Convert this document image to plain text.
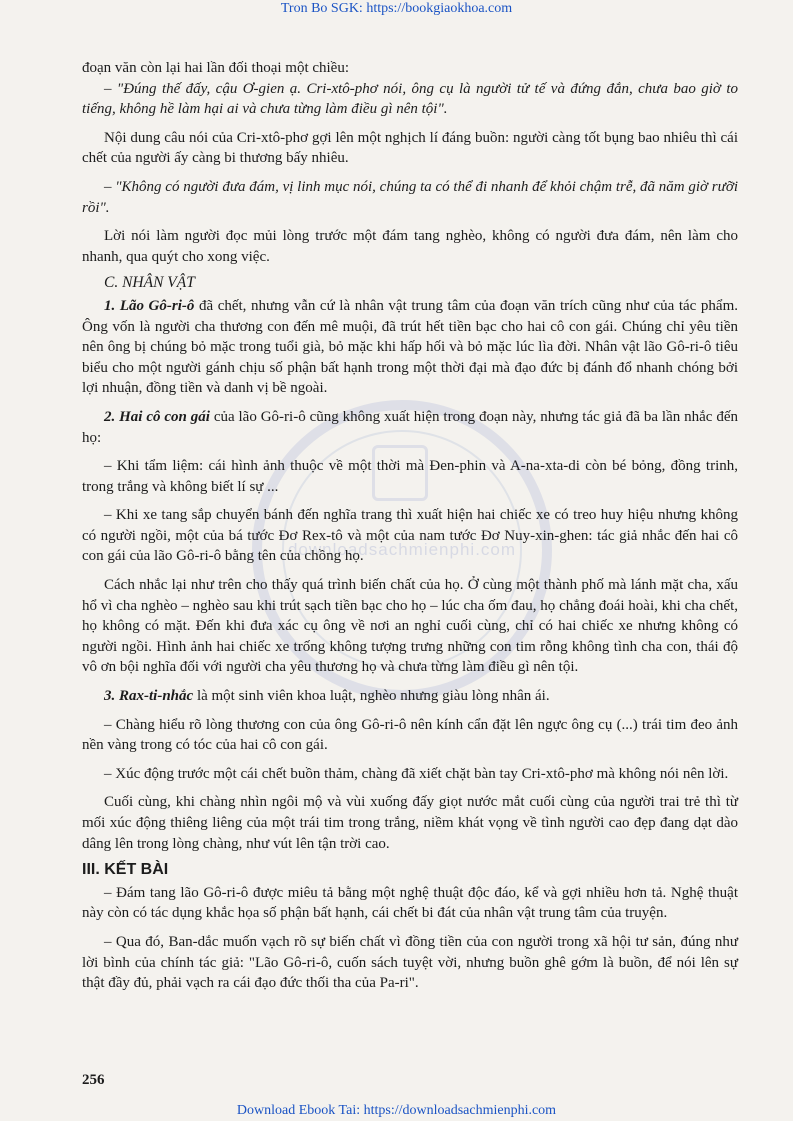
Tron Bo SGK: https://bookgiaokhoa.com
downloadsachmienphi.com

đoạn văn còn lại hai lần đối thoại một chiều:

– "Đúng thế đấy, cậu Ơ-gien ạ. Cri-xtô-phơ nói, ông cụ là người tử tế và đứng đắn, chưa bao giờ to tiếng, không hề làm hại ai và chưa từng làm điều gì nên tội".

Nội dung câu nói của Cri-xtô-phơ gợi lên một nghịch lí đáng buồn: người càng tốt bụng bao nhiêu thì cái chết của người ấy càng bi thương bấy nhiêu.

– "Không có người đưa đám, vị linh mục nói, chúng ta có thể đi nhanh để khỏi chậm trễ, đã năm giờ rưỡi rồi".

Lời nói làm người đọc mủi lòng trước một đám tang nghèo, không có người đưa đám, nên làm cho nhanh, qua quýt cho xong việc.

C. NHÂN VẬT

1. Lão Gô-ri-ô đã chết, nhưng vẫn cứ là nhân vật trung tâm của đoạn văn trích cũng như của tác phẩm. Ông vốn là người cha thương con đến mê muội, đã trút hết tiền bạc cho hai cô con gái. Chúng chỉ yêu tiền nên ông bị chúng bỏ mặc trong tuổi già, bỏ mặc khi hấp hối và bỏ mặc lúc lìa đời. Nhân vật lão Gô-ri-ô tiêu biểu cho một người gánh chịu số phận bất hạnh trong một thời đại mà đạo đức bị đánh đổ nhanh chóng bởi lợi nhuận, đồng tiền và danh vị bề ngoài.

2. Hai cô con gái của lão Gô-ri-ô cũng không xuất hiện trong đoạn này, nhưng tác giả đã ba lần nhắc đến họ:

– Khi tẩm liệm: cái hình ảnh thuộc về một thời mà Đen-phin và A-na-xta-di còn bé bỏng, đồng trinh, trong trắng và không biết lí sự ...

– Khi xe tang sắp chuyển bánh đến nghĩa trang thì xuất hiện hai chiếc xe có treo huy hiệu nhưng không có người ngồi, một của bá tước Đơ Rex-tô và một của nam tước Đơ Nuy-xin-ghen: tác giả nhắc đến hai cô con gái của lão Gô-ri-ô bằng tên của chồng họ.

Cách nhắc lại như trên cho thấy quá trình biến chất của họ. Ở cùng một thành phố mà lánh mặt cha, xấu hổ vì cha nghèo – nghèo sau khi trút sạch tiền bạc cho họ – lúc cha ốm đau, họ chẳng đoái hoài, khi cha chết, họ không có mặt. Đến khi đưa xác cụ ông về nơi an nghỉ cuối cùng, chỉ có hai chiếc xe nhưng không có người ngồi. Hình ảnh hai chiếc xe trống không tượng trưng những con tim rỗng không tình cha con, thái độ vô ơn bội nghĩa đối với người cha yêu thương họ và chưa từng làm điều gì nên tội.

3. Rax-ti-nhắc là một sinh viên khoa luật, nghèo nhưng giàu lòng nhân ái.

– Chàng hiểu rõ lòng thương con của ông Gô-ri-ô nên kính cẩn đặt lên ngực ông cụ (...) trái tim đeo ảnh nền vàng trong có tóc của hai cô con gái.

– Xúc động trước một cái chết buồn thảm, chàng đã xiết chặt bàn tay Cri-xtô-phơ mà không nói nên lời.

Cuối cùng, khi chàng nhìn ngôi mộ và vùi xuống đấy giọt nước mắt cuối cùng của người trai trẻ thì từ mối xúc động thiêng liêng của một trái tim trong trắng, niềm khát vọng về tình người cao đẹp đang dạt dào dâng lên trong lòng chàng, như vút lên tận trời cao.

III. KẾT BÀI

– Đám tang lão Gô-ri-ô được miêu tả bằng một nghệ thuật độc đáo, kể và gợi nhiều hơn tả. Nghệ thuật này còn có tác dụng khắc họa số phận bất hạnh, cái chết bi đát của nhân vật trung tâm của truyện.

– Qua đó, Ban-dắc muốn vạch rõ sự biến chất vì đồng tiền của con người trong xã hội tư sản, đúng như lời bình của chính tác giả: "Lão Gô-ri-ô, cuốn sách tuyệt vời, nhưng buồn ghê gớm là buồn, để nói lên sự thật đầy đủ, phải vạch ra cái đạo đức thối tha của Pa-ri".

256
Download Ebook Tai: https://downloadsachmienphi.com
